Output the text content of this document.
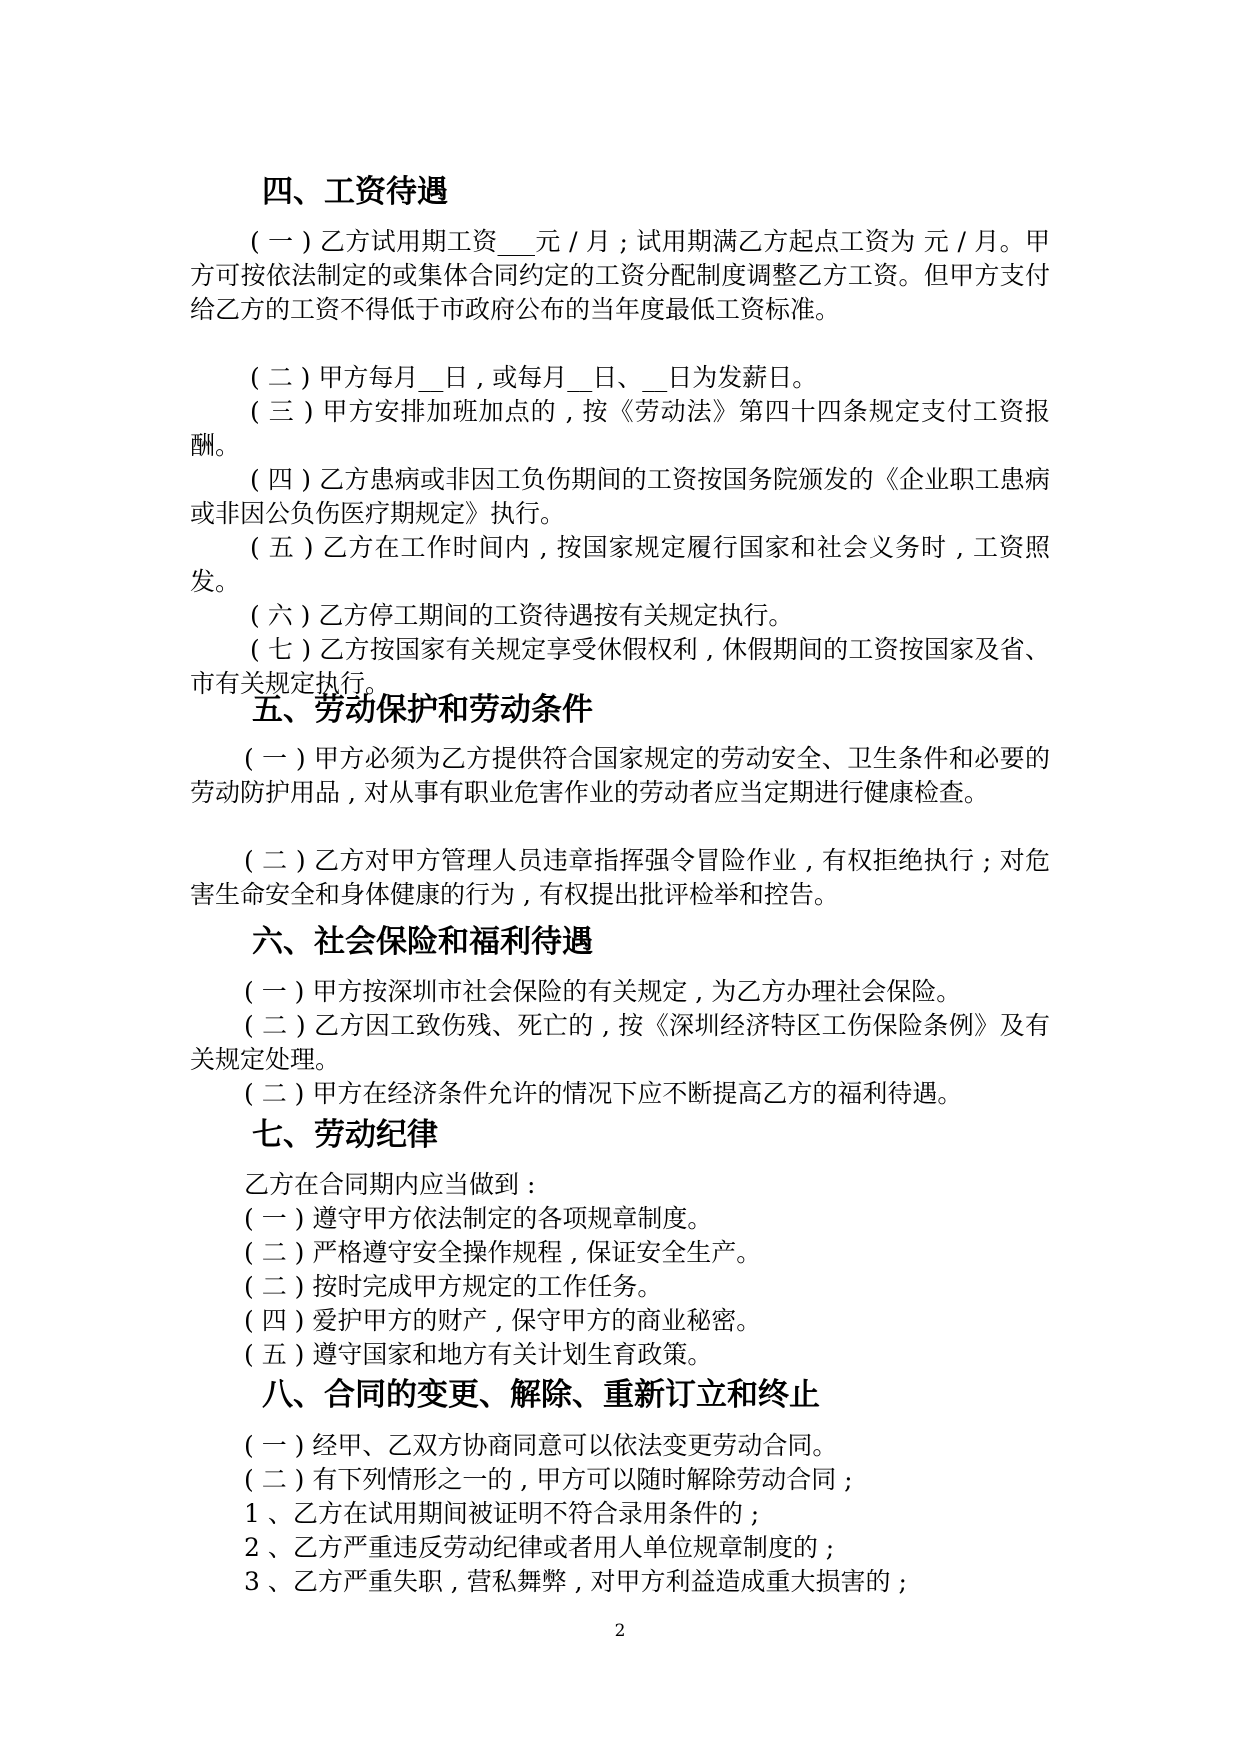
四、工资待遇
( 一 ) 乙方试用期工资___元 / 月 ; 试用期满乙方起点工资为 元 / 月。甲方可按依法制定的或集体合同约定的工资分配制度调整乙方工资。但甲方支付给乙方的工资不得低于市政府公布的当年度最低工资标准。
( 二 ) 甲方每月__日 , 或每月__日、__日为发薪日。
( 三 ) 甲方安排加班加点的 , 按《劳动法》第四十四条规定支付工资报酬。
( 四 ) 乙方患病或非因工负伤期间的工资按国务院颁发的《企业职工患病或非因公负伤医疗期规定》执行。
( 五 ) 乙方在工作时间内 , 按国家规定履行国家和社会义务时 , 工资照发。
( 六 ) 乙方停工期间的工资待遇按有关规定执行。
( 七 ) 乙方按国家有关规定享受休假权利 , 休假期间的工资按国家及省、市有关规定执行。
五、劳动保护和劳动条件
( 一 ) 甲方必须为乙方提供符合国家规定的劳动安全、卫生条件和必要的劳动防护用品 , 对从事有职业危害作业的劳动者应当定期进行健康检查。
( 二 ) 乙方对甲方管理人员违章指挥强令冒险作业 , 有权拒绝执行 ; 对危害生命安全和身体健康的行为 , 有权提出批评检举和控告。
六、社会保险和福利待遇
( 一 ) 甲方按深圳市社会保险的有关规定 , 为乙方办理社会保险。
( 二 ) 乙方因工致伤残、死亡的 , 按《深圳经济特区工伤保险条例》及有关规定处理。
( 二 ) 甲方在经济条件允许的情况下应不断提高乙方的福利待遇。
七、劳动纪律
乙方在合同期内应当做到 :
( 一 ) 遵守甲方依法制定的各项规章制度。
( 二 ) 严格遵守安全操作规程 , 保证安全生产。
( 二 ) 按时完成甲方规定的工作任务。
( 四 ) 爱护甲方的财产 , 保守甲方的商业秘密。
( 五 ) 遵守国家和地方有关计划生育政策。
八、合同的变更、解除、重新订立和终止
( 一 ) 经甲、乙双方协商同意可以依法变更劳动合同。
( 二 ) 有下列情形之一的 , 甲方可以随时解除劳动合同 ;
1 、乙方在试用期间被证明不符合录用条件的 ;
2 、乙方严重违反劳动纪律或者用人单位规章制度的 ;
3 、乙方严重失职 , 营私舞弊 , 对甲方利益造成重大损害的 ;
2
